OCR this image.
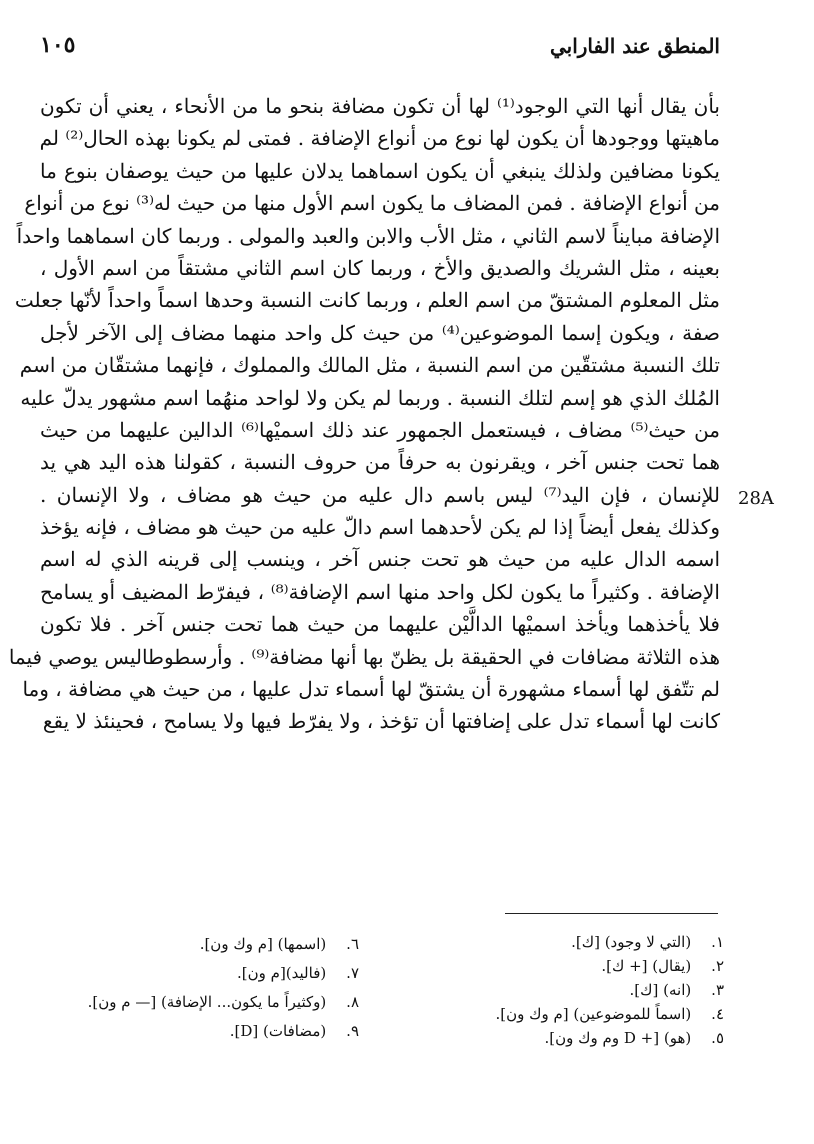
المنطق عند الفارابي
١٠٥
بأن يقال أنها التي الوجود⁽¹⁾ لها أن تكون مضافة بنحو ما من الأنحاء ، يعني أن تكون
ماهيتها ووجودها أن يكون لها نوع من أنواع الإضافة . فمتى لم يكونا بهذه الحال⁽²⁾ لم
يكونا مضافين ولذلك ينبغي أن يكون اسماهما يدلان عليها من حيث يوصفان بنوع ما
من أنواع الإضافة . فمن المضاف ما يكون اسم الأول منها من حيث له⁽³⁾ نوع من أنواع
الإضافة مبايناً لاسم الثاني ، مثل الأب والابن والعبد والمولى . وربما كان اسماهما واحداً
بعينه ، مثل الشريك والصديق والأخ ، وربما كان اسم الثاني مشتقاً من اسم الأول ،
مثل المعلوم المشتقّ من اسم العلم ، وربما كانت النسبة وحدها اسماً واحداً لأنّها جعلت
صفة ، ويكون إسما الموضوعين⁽⁴⁾ من حيث كل واحد منهما مضاف إلى الآخر لأجل
تلك النسبة مشتقّين من اسم النسبة ، مثل المالك والمملوك ، فإنهما مشتقّان من اسم
المُلك الذي هو إسم لتلك النسبة . وربما لم يكن ولا لواحد منهُما اسم مشهور يدلّ عليه
من حيث⁽⁵⁾ مضاف ، فيستعمل الجمهور عند ذلك اسميْها⁽⁶⁾ الدالين عليهما من حيث
هما تحت جنس آخر ، ويقرنون به حرفاً من حروف النسبة ، كقولنا هذه اليد هي يد
للإنسان ، فإن اليد⁽⁷⁾ ليس باسم دال عليه من حيث هو مضاف ، ولا الإنسان .
وكذلك يفعل أيضاً إذا لم يكن لأحدهما اسم دالّ عليه من حيث هو مضاف ، فإنه يؤخذ
اسمه الدال عليه من حيث هو تحت جنس آخر ، وينسب إلى قرينه الذي له اسم
الإضافة . وكثيراً ما يكون لكل واحد منها اسم الإضافة⁽⁸⁾ ، فيفرّط المضيف أو يسامح
فلا يأخذهما ويأخذ اسميْها الدالَّيْن عليهما من حيث هما تحت جنس آخر . فلا تكون
هذه الثلاثة مضافات في الحقيقة بل يظنّ بها أنها مضافة⁽⁹⁾ . وأرسطوطاليس يوصي فيما
لم تتّفق لها أسماء مشهورة أن يشتقّ لها أسماء تدل عليها ، من حيث هي مضافة ، وما
كانت لها أسماء تدل على إضافتها أن تؤخذ ، ولا يفرّط فيها ولا يسامح ، فحينئذ لا يقع
28A
١. (التي لا وجود) [ك].
٢. (يقال) [+ ك].
٣. (انه) [ك].
٤. (اسماً للموضوعين) [م وك ون].
٥. (هو) [+ D وم وك ون].
٦. (اسمها) [م وك ون].
٧. (فاليد)[م ون].
٨. (وكثيراً ما يكون... الإضافة) [— م ون].
٩. (مضافات) [D].
